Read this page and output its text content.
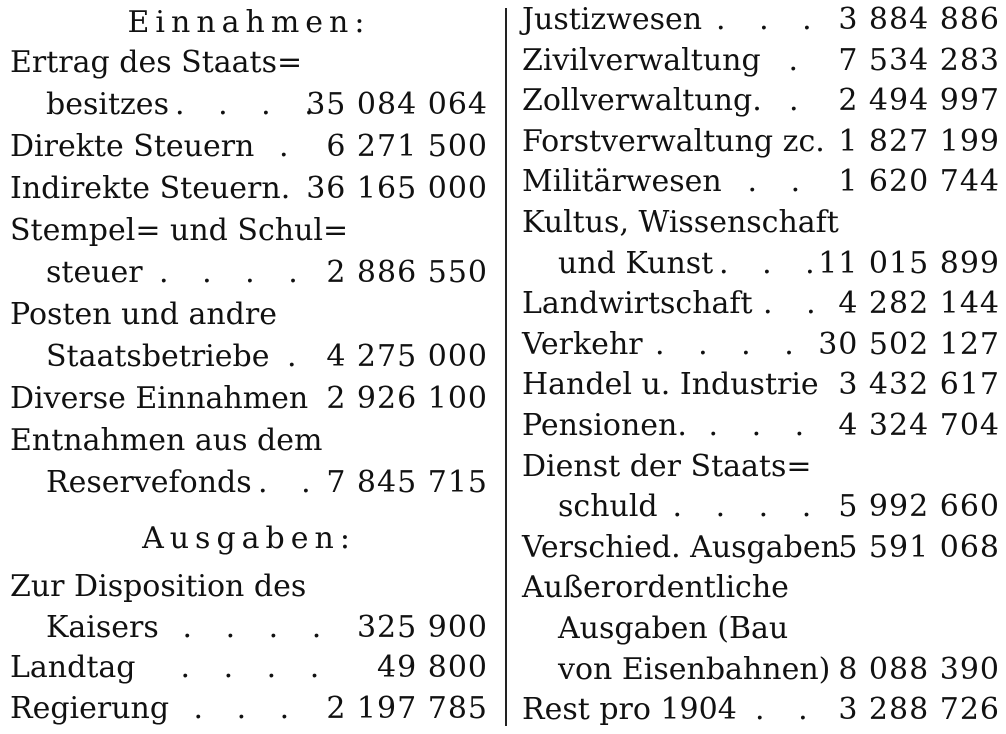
Einnahmen:
Ertrag des Staats=
besitzes . . . .
35 084 064
Direkte Steuern . 6 271 500
Indirekte Steuern. 36 165 000
Stempel= und Schul=
steuer . . . . 2 886 550
Posten und andre
Staatsbetriebe . 4 275 000
Diverse Einnahmen 2 926 100
Entnahmen aus dem
Reservefonds . . 7 845 715
Ausgaben:
Zur Disposition des
Kaisers . . . . 325 900
Landtag . . . . 49 800
Regierung . . . 2 197 785
Justizwesen . . . 3 884 886
Zivilverwaltung . 7 534 283
Zollverwaltung. . 2 494 997
Forstverwaltung zc. 1 827 199
Militärwesen . . 1 620 744
Kultus, Wissenschaft
und Kunst . . .
11 015 899
Landwirtschaft . . 4 282 144
Verkehr . . . . 30 502 127
Handel u. Industrie 3 432 617
Pensionen. . . . 4 324 704
Dienst der Staats=
schuld . . . . 5 992 660
Verschied. Ausgaben
5 591 068
Außerordentliche
Ausgaben (Bau
von Eisenbahnen) 8 088 390
Rest pro 1904 . . 3 288 726
